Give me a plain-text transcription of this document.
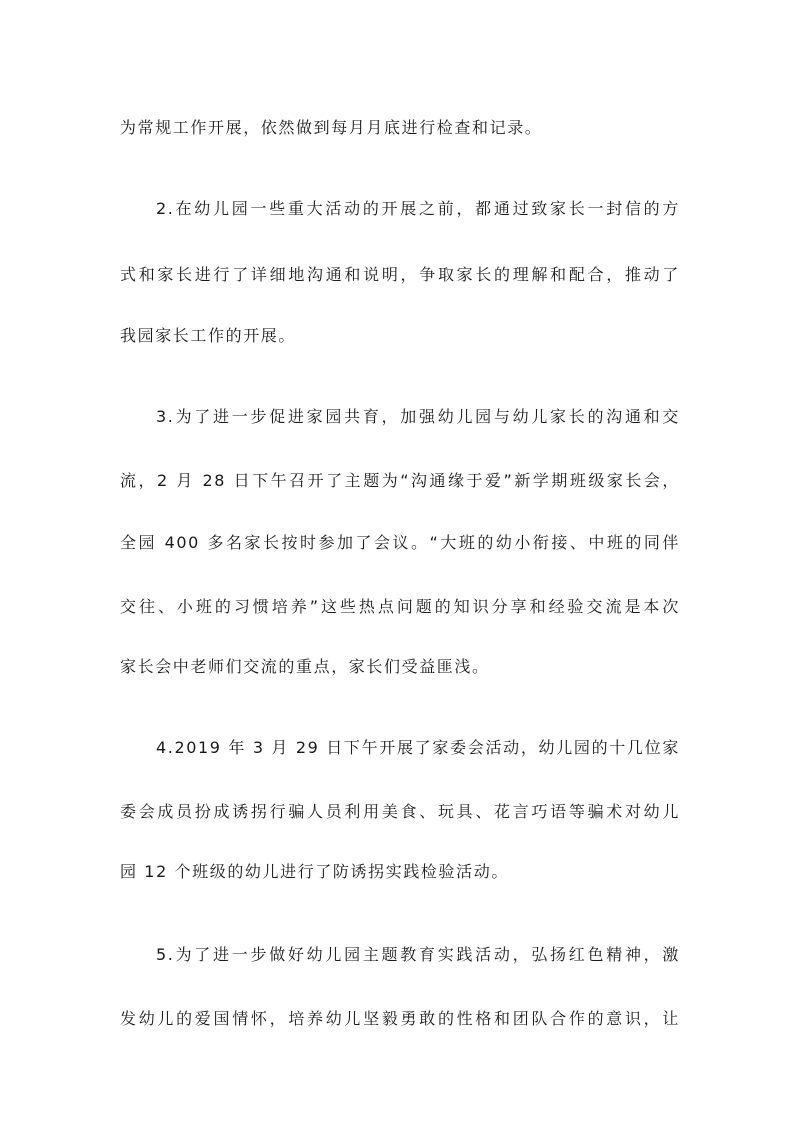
为常规工作开展，依然做到每月月底进行检查和记录。
2.在幼儿园一些重大活动的开展之前，都通过致家长一封信的方
式和家长进行了详细地沟通和说明，争取家长的理解和配合，推动了
我园家长工作的开展。
3.为了进一步促进家园共育，加强幼儿园与幼儿家长的沟通和交
流，2 月 28 日下午召开了主题为“沟通缘于爱”新学期班级家长会，
全园 400 多名家长按时参加了会议。“大班的幼小衔接、中班的同伴
交往、小班的习惯培养”这些热点问题的知识分享和经验交流是本次
家长会中老师们交流的重点，家长们受益匪浅。
4.2019 年 3 月 29 日下午开展了家委会活动，幼儿园的十几位家
委会成员扮成诱拐行骗人员利用美食、玩具、花言巧语等骗术对幼儿
园 12 个班级的幼儿进行了防诱拐实践检验活动。
5.为了进一步做好幼儿园主题教育实践活动，弘扬红色精神，激
发幼儿的爱国情怀，培养幼儿坚毅勇敢的性格和团队合作的意识，让
